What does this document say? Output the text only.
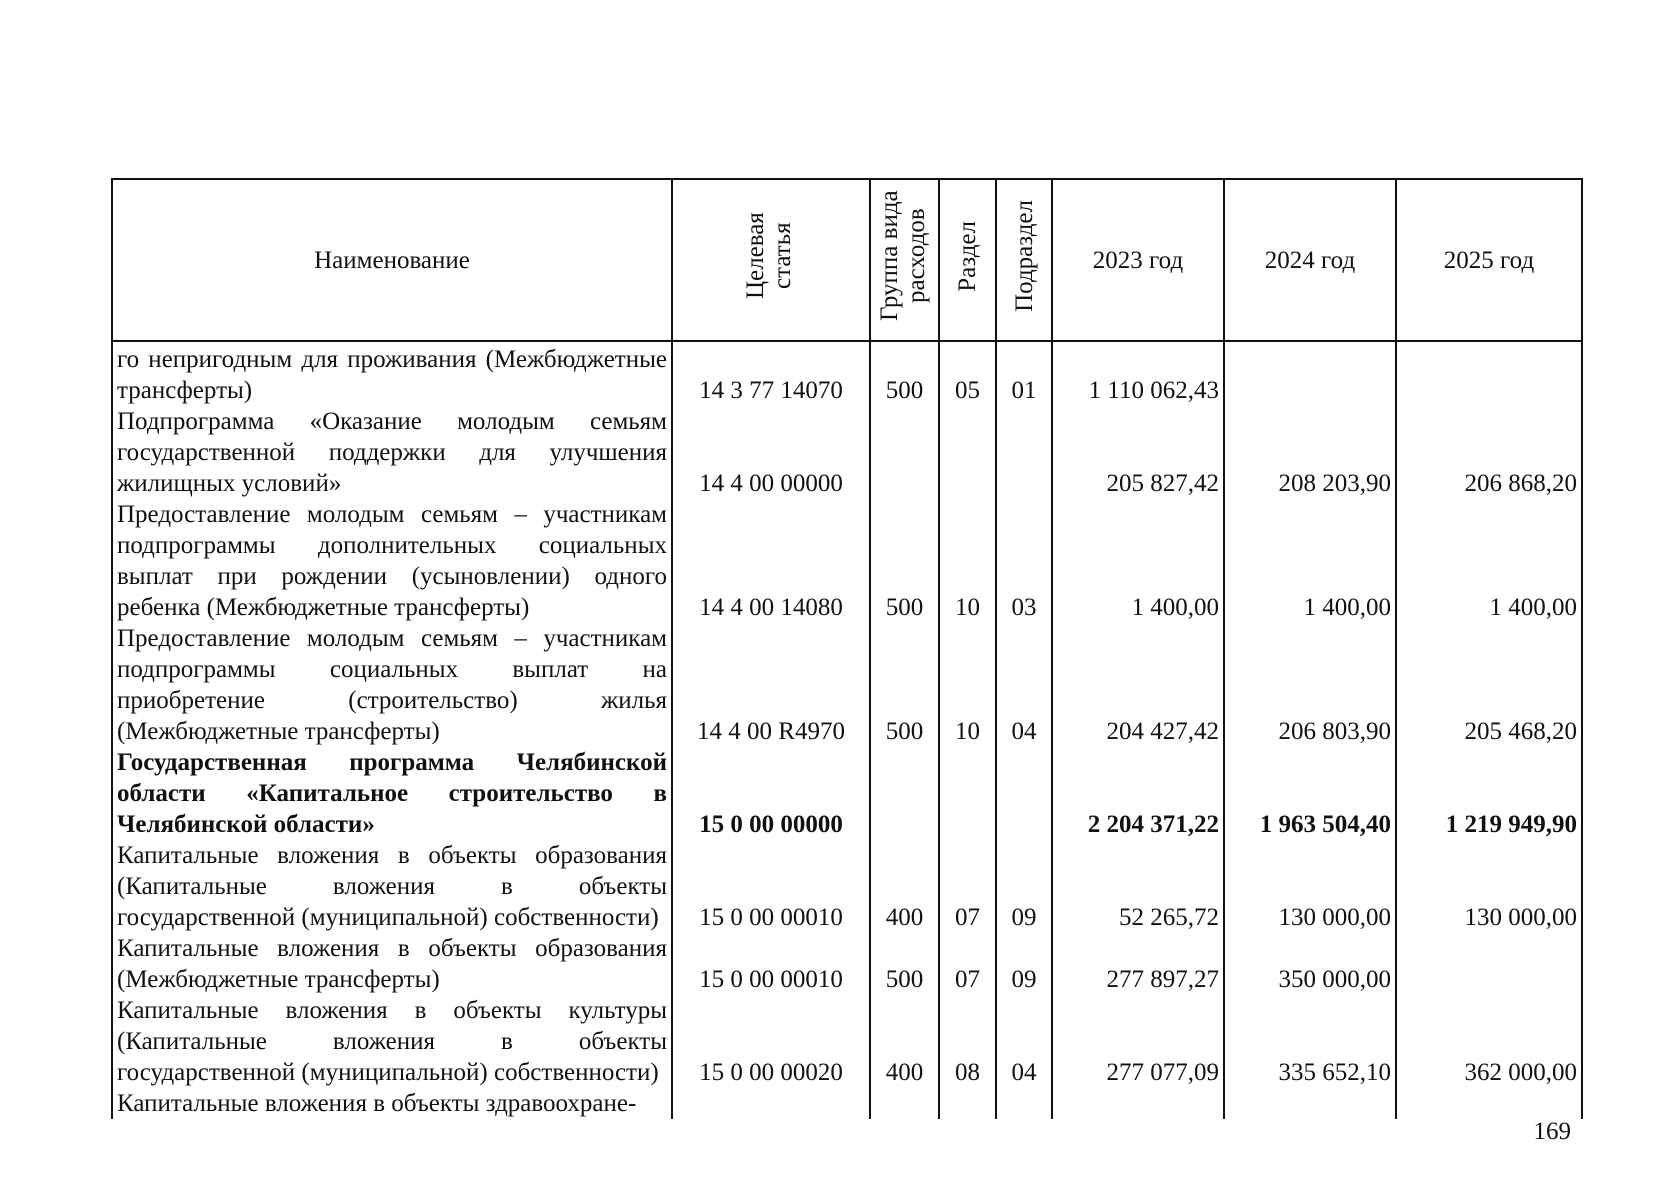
Наименование	Целевая статья	Группа вида расходов	Раздел	Подраздел	2023 год	2024 год	2025 год
го непригодным для проживания (Межбюджетные трансферты)	14 3 77 14070	500	05	01	1 110 062,43		
Подпрограмма «Оказание молодым семьям государственной поддержки для улучшения жилищных условий»	14 4 00 00000				205 827,42	208 203,90	206 868,20
Предоставление молодым семьям – участникам подпрограммы дополнительных социальных выплат при рождении (усыновлении) одного ребенка (Межбюджетные трансферты)	14 4 00 14080	500	10	03	1 400,00	1 400,00	1 400,00
Предоставление молодым семьям – участникам подпрограммы социальных выплат на приобретение (строительство) жилья (Межбюджетные трансферты)	14 4 00 R4970	500	10	04	204 427,42	206 803,90	205 468,20
Государственная программа Челябинской области «Капитальное строительство в Челябинской области»	15 0 00 00000				2 204 371,22	1 963 504,40	1 219 949,90
Капитальные вложения в объекты образования (Капитальные вложения в объекты государственной (муниципальной) собственности)	15 0 00 00010	400	07	09	52 265,72	130 000,00	130 000,00
Капитальные вложения в объекты образования (Межбюджетные трансферты)	15 0 00 00010	500	07	09	277 897,27	350 000,00	
Капитальные вложения в объекты культуры (Капитальные вложения в объекты государственной (муниципальной) собственности)	15 0 00 00020	400	08	04	277 077,09	335 652,10	362 000,00
Капитальные вложения в объекты здравоохране-							
169
